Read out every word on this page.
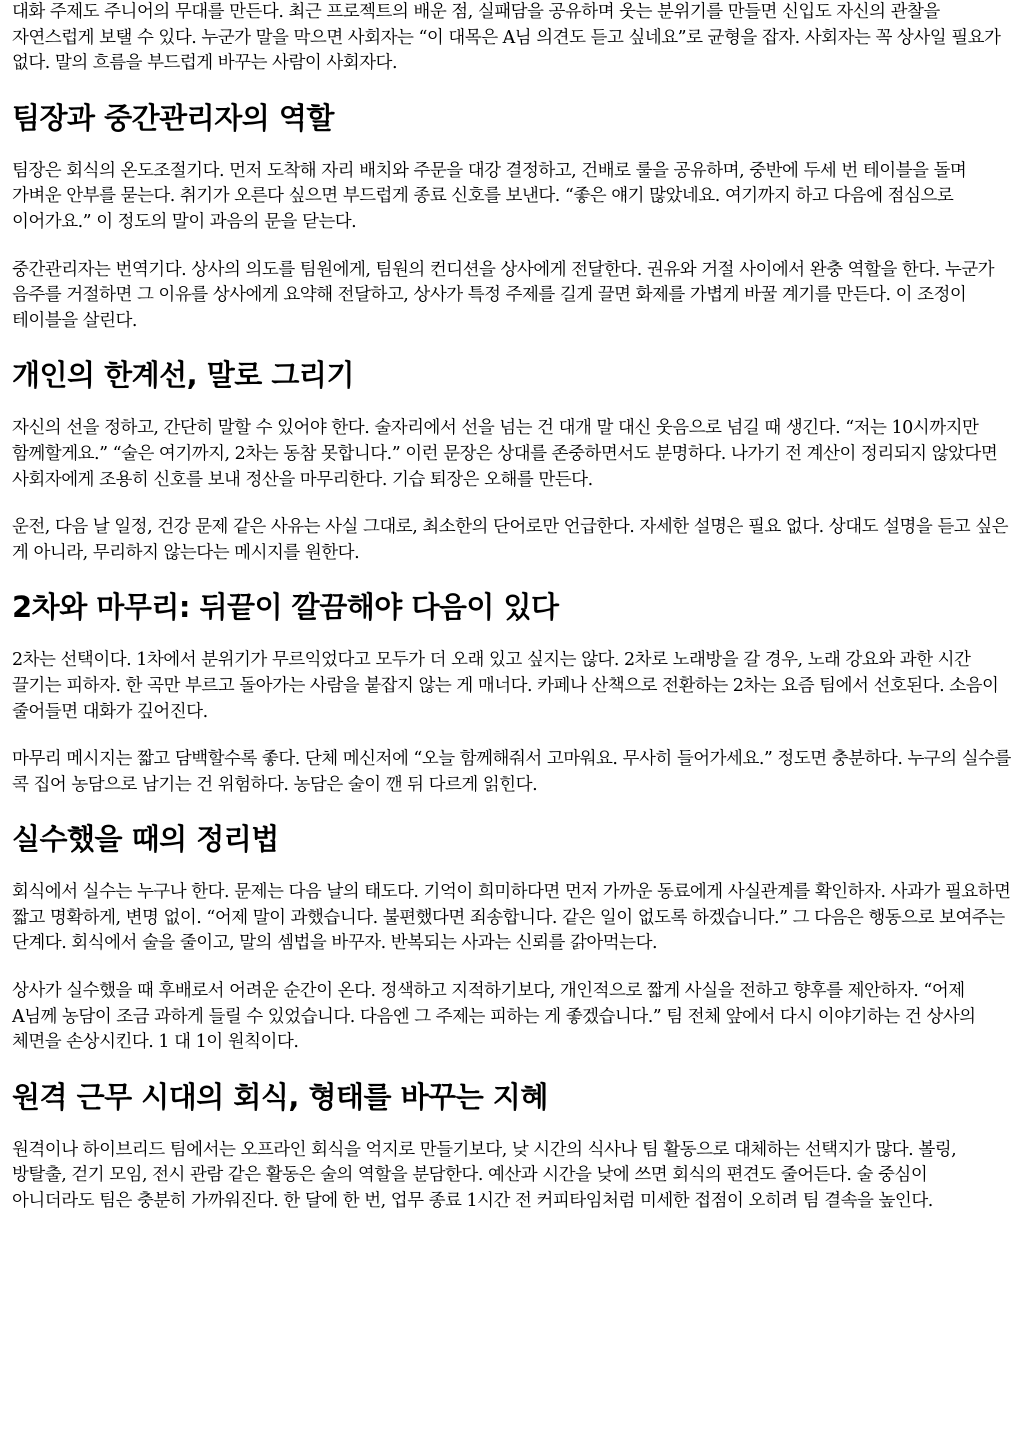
대화 주제도 주니어의 무대를 만든다. 최근 프로젝트의 배운 점, 실패담을 공유하며 웃는 분위기를 만들면 신입도 자신의 관찰을 자연스럽게 보탤 수 있다. 누군가 말을 막으면 사회자는 “이 대목은 A님 의견도 듣고 싶네요”로 균형을 잡자. 사회자는 꼭 상사일 필요가 없다. 말의 흐름을 부드럽게 바꾸는 사람이 사회자다.

팀장과 중간관리자의 역할

팀장은 회식의 온도조절기다. 먼저 도착해 자리 배치와 주문을 대강 결정하고, 건배로 룰을 공유하며, 중반에 두세 번 테이블을 돌며 가벼운 안부를 묻는다. 취기가 오른다 싶으면 부드럽게 종료 신호를 보낸다. “좋은 얘기 많았네요. 여기까지 하고 다음에 점심으로 이어가요.” 이 정도의 말이 과음의 문을 닫는다.

중간관리자는 번역기다. 상사의 의도를 팀원에게, 팀원의 컨디션을 상사에게 전달한다. 권유와 거절 사이에서 완충 역할을 한다. 누군가 음주를 거절하면 그 이유를 상사에게 요약해 전달하고, 상사가 특정 주제를 길게 끌면 화제를 가볍게 바꿀 계기를 만든다. 이 조정이 테이블을 살린다.

개인의 한계선, 말로 그리기

자신의 선을 정하고, 간단히 말할 수 있어야 한다. 술자리에서 선을 넘는 건 대개 말 대신 웃음으로 넘길 때 생긴다. “저는 10시까지만 함께할게요.” “술은 여기까지, 2차는 동참 못합니다.” 이런 문장은 상대를 존중하면서도 분명하다. 나가기 전 계산이 정리되지 않았다면 사회자에게 조용히 신호를 보내 정산을 마무리한다. 기습 퇴장은 오해를 만든다.

운전, 다음 날 일정, 건강 문제 같은 사유는 사실 그대로, 최소한의 단어로만 언급한다. 자세한 설명은 필요 없다. 상대도 설명을 듣고 싶은 게 아니라, 무리하지 않는다는 메시지를 원한다.

2차와 마무리: 뒤끝이 깔끔해야 다음이 있다

2차는 선택이다. 1차에서 분위기가 무르익었다고 모두가 더 오래 있고 싶지는 않다. 2차로 노래방을 갈 경우, 노래 강요와 과한 시간 끌기는 피하자. 한 곡만 부르고 돌아가는 사람을 붙잡지 않는 게 매너다. 카페나 산책으로 전환하는 2차는 요즘 팀에서 선호된다. 소음이 줄어들면 대화가 깊어진다.

마무리 메시지는 짧고 담백할수록 좋다. 단체 메신저에 “오늘 함께해줘서 고마워요. 무사히 들어가세요.” 정도면 충분하다. 누구의 실수를 콕 집어 농담으로 남기는 건 위험하다. 농담은 술이 깬 뒤 다르게 읽힌다.

실수했을 때의 정리법

회식에서 실수는 누구나 한다. 문제는 다음 날의 태도다. 기억이 희미하다면 먼저 가까운 동료에게 사실관계를 확인하자. 사과가 필요하면 짧고 명확하게, 변명 없이. “어제 말이 과했습니다. 불편했다면 죄송합니다. 같은 일이 없도록 하겠습니다.” 그 다음은 행동으로 보여주는 단계다. 회식에서 술을 줄이고, 말의 셈법을 바꾸자. 반복되는 사과는 신뢰를 갉아먹는다.

상사가 실수했을 때 후배로서 어려운 순간이 온다. 정색하고 지적하기보다, 개인적으로 짧게 사실을 전하고 향후를 제안하자. “어제 A님께 농담이 조금 과하게 들릴 수 있었습니다. 다음엔 그 주제는 피하는 게 좋겠습니다.” 팀 전체 앞에서 다시 이야기하는 건 상사의 체면을 손상시킨다. 1 대 1이 원칙이다.

원격 근무 시대의 회식, 형태를 바꾸는 지혜

원격이나 하이브리드 팀에서는 오프라인 회식을 억지로 만들기보다, 낮 시간의 식사나 팀 활동으로 대체하는 선택지가 많다. 볼링, 방탈출, 걷기 모임, 전시 관람 같은 활동은 술의 역할을 분담한다. 예산과 시간을 낮에 쓰면 회식의 편견도 줄어든다. 술 중심이 아니더라도 팀은 충분히 가까워진다. 한 달에 한 번, 업무 종료 1시간 전 커피타임처럼 미세한 접점이 오히려 팀 결속을 높인다.
